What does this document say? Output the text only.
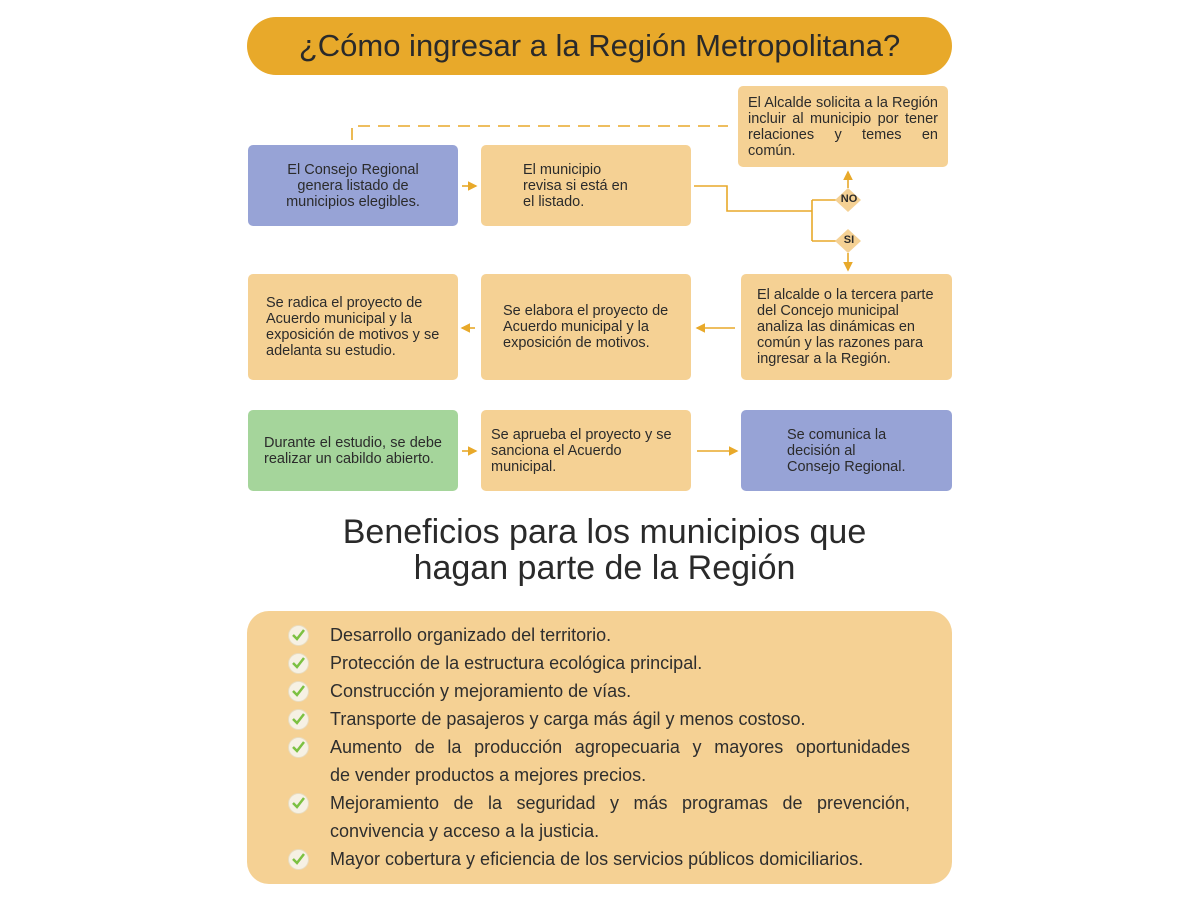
¿Cómo ingresar a la Región Metropolitana?
NO
SI
El Consejo Regional genera listado de municipios elegibles.
El municipio revisa si está en el listado.
El Alcalde solicita a la Región incluir al municipio por tener relaciones y temes en común.
Se radica el proyecto de Acuerdo municipal y la exposición de motivos y se adelanta su estudio.
Se elabora el proyecto de Acuerdo municipal y la exposición de motivos.
El alcalde o la tercera parte del Concejo municipal analiza las dinámicas en común y las razones para ingresar a la Región.
Durante el estudio, se debe realizar un cabildo abierto.
Se aprueba el proyecto y se sanciona el Acuerdo municipal.
Se comunica la decisión al Consejo Regional.
Beneficios para los municipios que
hagan parte de la Región
Desarrollo organizado del territorio.
Protección de la estructura ecológica principal.
Construcción y mejoramiento de vías.
Transporte de pasajeros y carga más ágil y menos costoso.
Aumento de la producción agropecuaria y mayores oportunidades
de vender productos a mejores precios.
Mejoramiento de la seguridad y más programas de prevención,
convivencia y acceso a la justicia.
Mayor cobertura y eficiencia de los servicios públicos domiciliarios.
